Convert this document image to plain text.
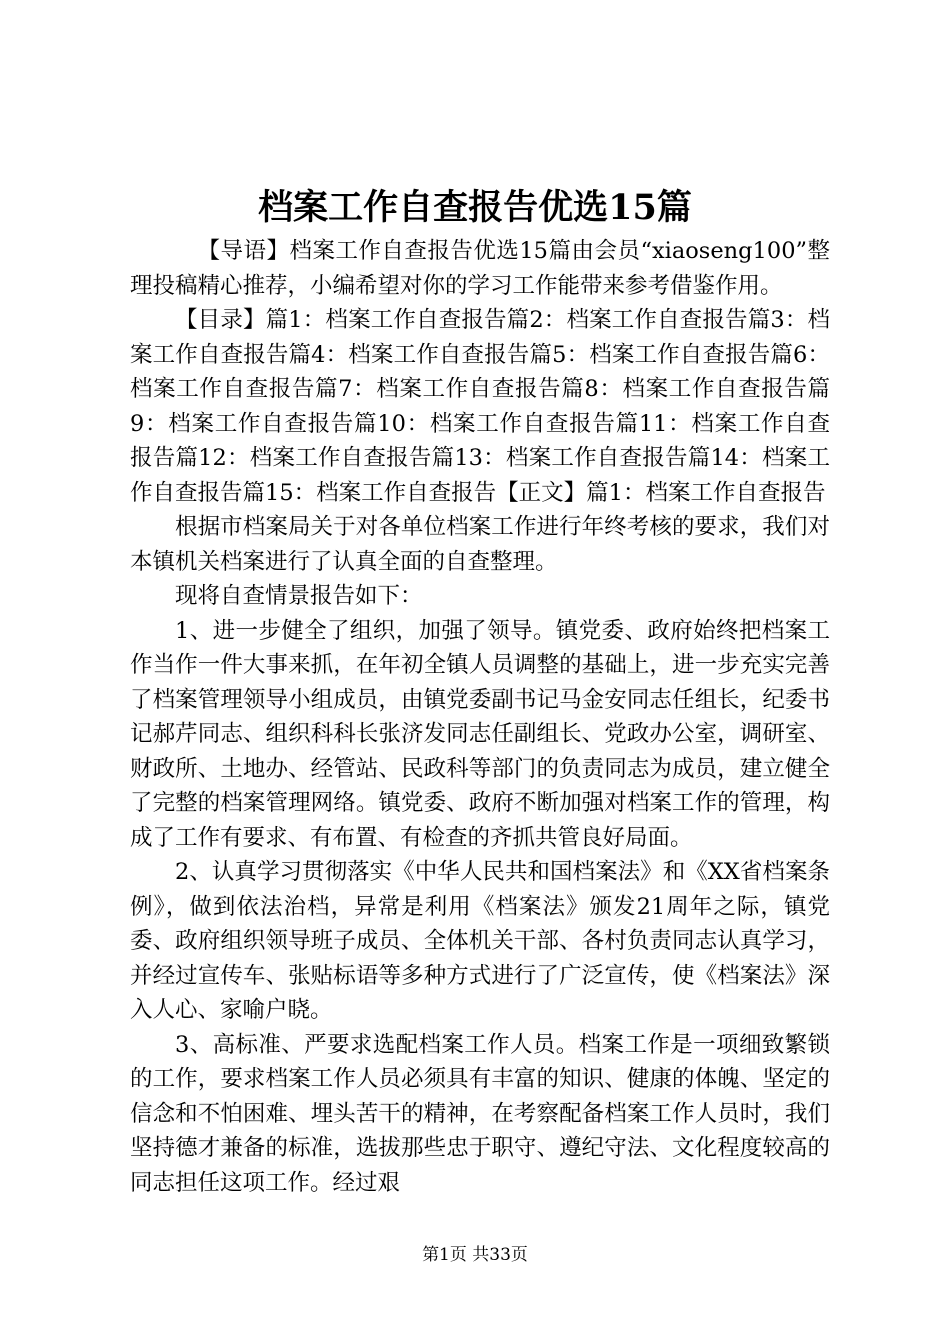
档案工作自查报告优选15篇

【导语】档案工作自查报告优选15篇由会员“xiaoseng100”整理投稿精心推荐，小编希望对你的学习工作能带来参考借鉴作用。

【目录】篇1：档案工作自查报告篇2：档案工作自查报告篇3：档案工作自查报告篇4：档案工作自查报告篇5：档案工作自查报告篇6：档案工作自查报告篇7：档案工作自查报告篇8：档案工作自查报告篇9：档案工作自查报告篇10：档案工作自查报告篇11：档案工作自查报告篇12：档案工作自查报告篇13：档案工作自查报告篇14：档案工作自查报告篇15：档案工作自查报告【正文】篇1：档案工作自查报告

根据市档案局关于对各单位档案工作进行年终考核的要求，我们对本镇机关档案进行了认真全面的自查整理。

现将自查情景报告如下：

1、进一步健全了组织，加强了领导。镇党委、政府始终把档案工作当作一件大事来抓，在年初全镇人员调整的基础上，进一步充实完善了档案管理领导小组成员，由镇党委副书记马金安同志任组长，纪委书记郝芹同志、组织科科长张济发同志任副组长、党政办公室，调研室、财政所、土地办、经管站、民政科等部门的负责同志为成员，建立健全了完整的档案管理网络。镇党委、政府不断加强对档案工作的管理，构成了工作有要求、有布置、有检查的齐抓共管良好局面。

2、认真学习贯彻落实《中华人民共和国档案法》和《XX省档案条例》，做到依法治档，异常是利用《档案法》颁发21周年之际，镇党委、政府组织领导班子成员、全体机关干部、各村负责同志认真学习，并经过宣传车、张贴标语等多种方式进行了广泛宣传，使《档案法》深入人心、家喻户晓。

3、高标准、严要求选配档案工作人员。档案工作是一项细致繁锁的工作，要求档案工作人员必须具有丰富的知识、健康的体魄、坚定的信念和不怕困难、埋头苦干的精神，在考察配备档案工作人员时，我们坚持德才兼备的标准，选拔那些忠于职守、遵纪守法、文化程度较高的同志担任这项工作。经过艰

第1页 共33页
